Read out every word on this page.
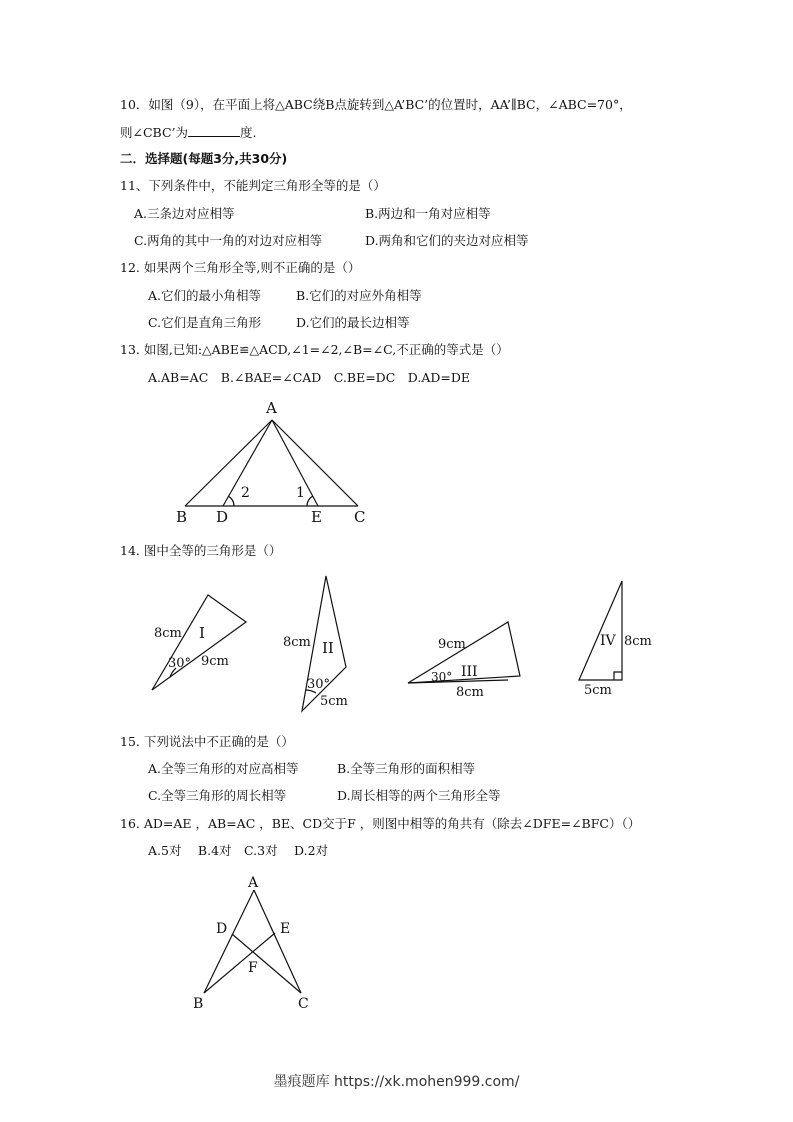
10．如图（9），在平面上将△ABC绕B点旋转到△A’BC’的位置时，AA’∥BC，∠ABC=70°，
则∠CBC’为	度.
二．选择题(每题3分,共30分)
11、下列条件中，不能判定三角形全等的是（）
A.三条边对应相等	B.两边和一角对应相等
C.两角的其中一角的对边对应相等	D.两角和它们的夹边对应相等
12. 如果两个三角形全等,则不正确的是（）
A.它们的最小角相等	B.它们的对应外角相等
C.它们是直角三角形	D.它们的最长边相等
13. 如图,已知:△ABE≌△ACD,∠1=∠2,∠B=∠C,不正确的等式是（）
A.AB=AC　B.∠BAE=∠CAD　C.BE=DC　D.AD=DE
A
B D	E C
2	1
14. 图中全等的三角形是（）
8cm I
30° 9cm
8cm II
30°
5cm
9cm
III
30°
8cm
IV 8cm
5cm
15. 下列说法中不正确的是（）
A.全等三角形的对应高相等	B.全等三角形的面积相等
C.全等三角形的周长相等	D.周长相等的两个三角形全等
16. AD=AE ，AB=AC ，BE、CD交于F ，则图中相等的角共有（除去∠DFE=∠BFC）（）
A.5对　 B.4对　C.3对　 D.2对
A
D	E
F
B	C
墨痕题库 https://xk.mohen999.com/
